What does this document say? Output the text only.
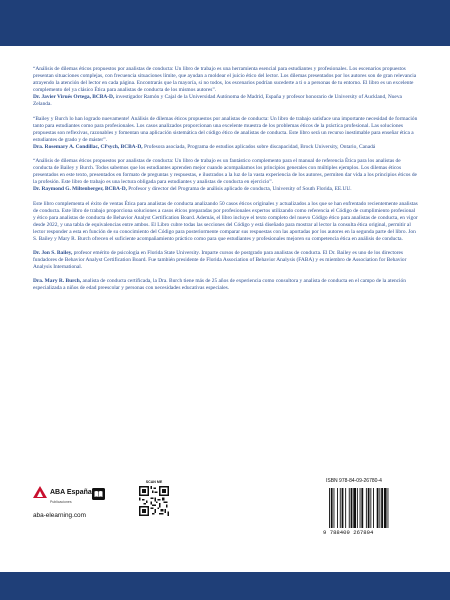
“Análisis de dilemas éticos propuestos por analistas de conducta: Un libro de trabajo es una herramienta esencial para estudiantes y profesionales. Los escenarios propuestos presentan situaciones complejas, con frecuencia situaciones límite, que ayudan a moldear el juicio ético del lector. Los dilemas presentados por los autores son de gran relevancia atrayendo la atención del lector en cada página. Encontrarás que la mayoría, si no todos, los escenarios podrían sucederte a ti o a personas de tu entorno. El libro es un excelente complemento del ya clásico Ética para analistas de conducta de los mismos autores”.
Dr. Javier Virués Ortega, BCBA-D, investigador Ramón y Cajal de la Universidad Autónoma de Madrid, España y profesor honorario de University of Auckland, Nueva Zelanda.
“Bailey y Burch lo han logrado nuevamente! Análisis de dilemas éticos propuestos por analistas de conducta: Un libro de trabajo satisface una importante necesidad de formación tanto para estudiantes como para profesionales. Los casos analizados proporcionan una excelente muestra de los problemas éticos de la práctica profesional. Las soluciones propuestas son reflexivas, razonables y fomentan una aplicación sistemática del código ético de analistas de conducta. Este libro será un recurso inestimable para enseñar ética a estudiantes de grado y de máster”.
Dra. Rosemary A. Condillac, CPsych, BCBA-D, Profesora asociada, Programa de estudios aplicados sobre discapacidad, Brock University, Ontario, Canadá
“Análisis de dilemas éticos propuestos por analistas de conducta: Un libro de trabajo es un fantástico complemento para el manual de referencia Ética para los analistas de conducta de Bailey y Burch. Todos sabemos que los estudiantes aprenden mejor cuando acompañamos los principios generales con múltiples ejemplos. Los dilemas éticos presentados en este texto, presentados en formato de preguntas y respuestas, e ilustrados a la luz de la vasta experiencia de los autores, permiten dar vida a los principios éticos de la profesión. Este libro de trabajo es una lectura obligada para estudiantes y analistas de conducta en ejercicio”.
Dr. Raymond G. Miltenberger, BCBA-D, Profesor y director del Programa de análisis aplicado de conducta, University of South Florida, EE.UU.

Este libro complementa el éxito de ventas Ética para analistas de conducta analizando 50 casos éticos originales y actualizados a los que se han enfrentado recientemente analistas de conducta. Este libro de trabajo proporciona soluciones a casos éticos preparadas por profesionales expertos utilizando como referencia el Código de cumplimiento profesional y ético para analistas de conducta de Behavior Analyst Certification Board. Además, el libro incluye el texto completo del nuevo Código ético para analistas de conducta, en vigor desde 2022, y una tabla de equivalencias entre ambos. El Libro cubre todas las secciones del Código y está diseñado para mostrar al lector la consulta ética original, permitir al lector responder a esta en función de su conocimiento del Código para posteriormente comparar sus respuestas con las aportadas por los autores en la segunda parte del libro. Jon S. Bailey y Mary R. Burch ofrecen el suficiente acompañamiento práctico como para que estudiantes y profesionales mejoren su competencia ética en análisis de conducta.

Dr. Jon S. Bailey, profesor emérito de psicología en Florida State University. Imparte cursos de postgrado para analistas de conducta. El Dr. Bailey es uno de los directores fundadores de Behavior Analyst Certification Board. Fue también presidente de Florida Association of Behavior Analysis (FABA) y es miembro de Association for Behavior Analysis International.

Dra. Mary R. Burch, analista de conducta certificada, la Dra. Burch tiene más de 25 años de experiencia como consultora y analista de conducta en el campo de la atención especializada a niños de edad preescolar y personas con necesidades educativas especiales.

ABA España
Publicaciones
aba-elearning.com
SCAN ME	ISBN 978-84-09-26780-4
9 788409 267804
